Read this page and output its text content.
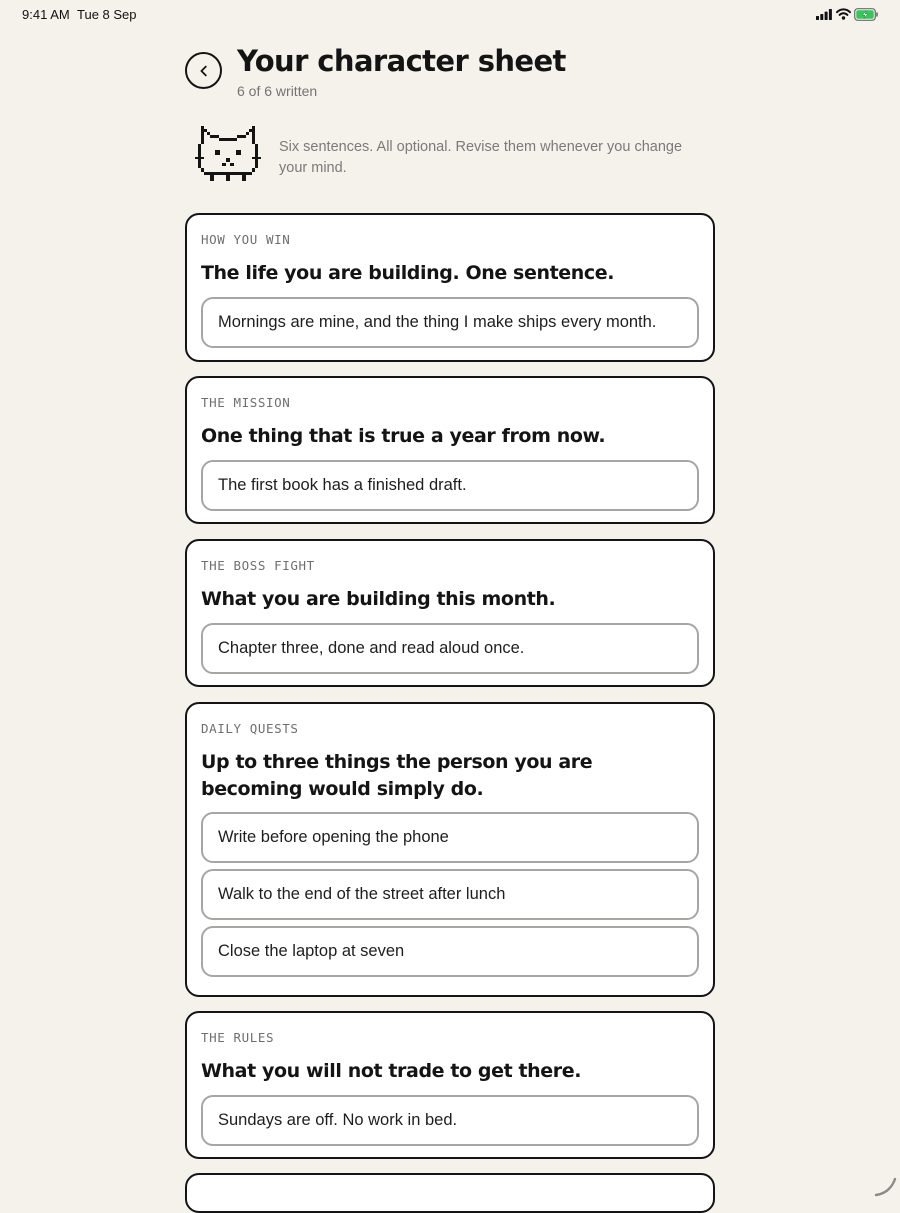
9:41 AM Tue 8 Sep
Your character sheet
6 of 6 written
Six sentences. All optional. Revise them whenever you change your mind.
HOW YOU WIN
The life you are building. One sentence.
Mornings are mine, and the thing I make ships every month.
THE MISSION
One thing that is true a year from now.
The first book has a finished draft.
THE BOSS FIGHT
What you are building this month.
Chapter three, done and read aloud once.
DAILY QUESTS
Up to three things the person you are becoming would simply do.
Write before opening the phone
Walk to the end of the street after lunch
Close the laptop at seven
THE RULES
What you will not trade to get there.
Sundays are off. No work in bed.
